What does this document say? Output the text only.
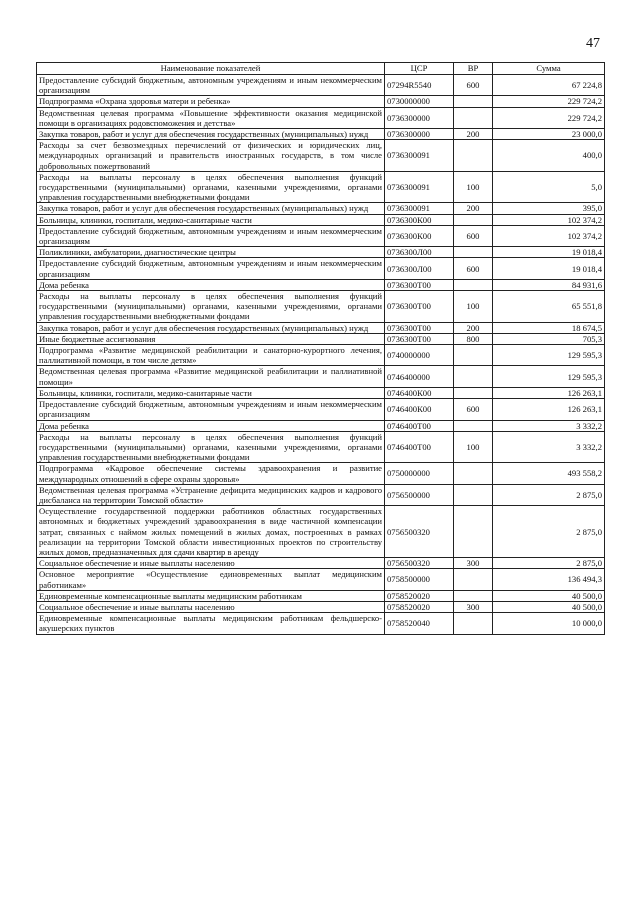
47
Наименование показателей	ЦСР	ВР	Сумма
Предоставление субсидий бюджетным, автономным учреждениям и иным некоммерческим организациям	07294R5540	600	67 224,8
Подпрограмма «Охрана здоровья матери и ребенка»	0730000000		229 724,2
Ведомственная целевая программа «Повышение эффективности оказания медицинской помощи в организациях родовспоможения и детства»	0736300000		229 724,2
Закупка товаров, работ и услуг для обеспечения государственных (муниципальных) нужд	0736300000	200	23 000,0
Расходы за счет безвозмездных перечислений от физических и юридических лиц, международных организаций и правительств иностранных государств, в том числе добровольных пожертвований	0736300091		400,0
Расходы на выплаты персоналу в целях обеспечения выполнения функций государственными (муниципальными) органами, казенными учреждениями, органами управления государственными внебюджетными фондами	0736300091	100	5,0
Закупка товаров, работ и услуг для обеспечения государственных (муниципальных) нужд	0736300091	200	395,0
Больницы, клиники, госпитали, медико-санитарные части	0736300К00		102 374,2
Предоставление субсидий бюджетным, автономным учреждениям и иным некоммерческим организациям	0736300К00	600	102 374,2
Поликлиники, амбулатории, диагностические центры	0736300Л00		19 018,4
Предоставление субсидий бюджетным, автономным учреждениям и иным некоммерческим организациям	0736300Л00	600	19 018,4
Дома ребенка	0736300Т00		84 931,6
Расходы на выплаты персоналу в целях обеспечения выполнения функций государственными (муниципальными) органами, казенными учреждениями, органами управления государственными внебюджетными фондами	0736300Т00	100	65 551,8
Закупка товаров, работ и услуг для обеспечения государственных (муниципальных) нужд	0736300Т00	200	18 674,5
Иные бюджетные ассигнования	0736300Т00	800	705,3
Подпрограмма «Развитие медицинской реабилитации и санаторно-курортного лечения, паллиативной помощи, в том числе детям»	0740000000		129 595,3
Ведомственная целевая программа «Развитие медицинской реабилитации и паллиативной помощи»	0746400000		129 595,3
Больницы, клиники, госпитали, медико-санитарные части	0746400К00		126 263,1
Предоставление субсидий бюджетным, автономным учреждениям и иным некоммерческим организациям	0746400К00	600	126 263,1
Дома ребенка	0746400Т00		3 332,2
Расходы на выплаты персоналу в целях обеспечения выполнения функций государственными (муниципальными) органами, казенными учреждениями, органами управления государственными внебюджетными фондами	0746400Т00	100	3 332,2
Подпрограмма «Кадровое обеспечение системы здравоохранения и развитие международных отношений в сфере охраны здоровья»	0750000000		493 558,2
Ведомственная целевая программа «Устранение дефицита медицинских кадров и кадрового дисбаланса на территории Томской области»	0756500000		2 875,0
Осуществление государственной поддержки работников областных государственных автономных и бюджетных учреждений здравоохранения в виде частичной компенсации затрат, связанных с наймом жилых помещений в жилых домах, построенных в рамках реализации на территории Томской области инвестиционных проектов по строительству жилых домов, предназначенных для сдачи квартир в аренду	0756500320		2 875,0
Социальное обеспечение и иные выплаты населению	0756500320	300	2 875,0
Основное мероприятие «Осуществление единовременных выплат медицинским работникам»	0758500000		136 494,3
Единовременные компенсационные выплаты медицинским работникам	0758520020		40 500,0
Социальное обеспечение и иные выплаты населению	0758520020	300	40 500,0
Единовременные компенсационные выплаты медицинским работникам фельдшерско-акушерских пунктов	0758520040		10 000,0
